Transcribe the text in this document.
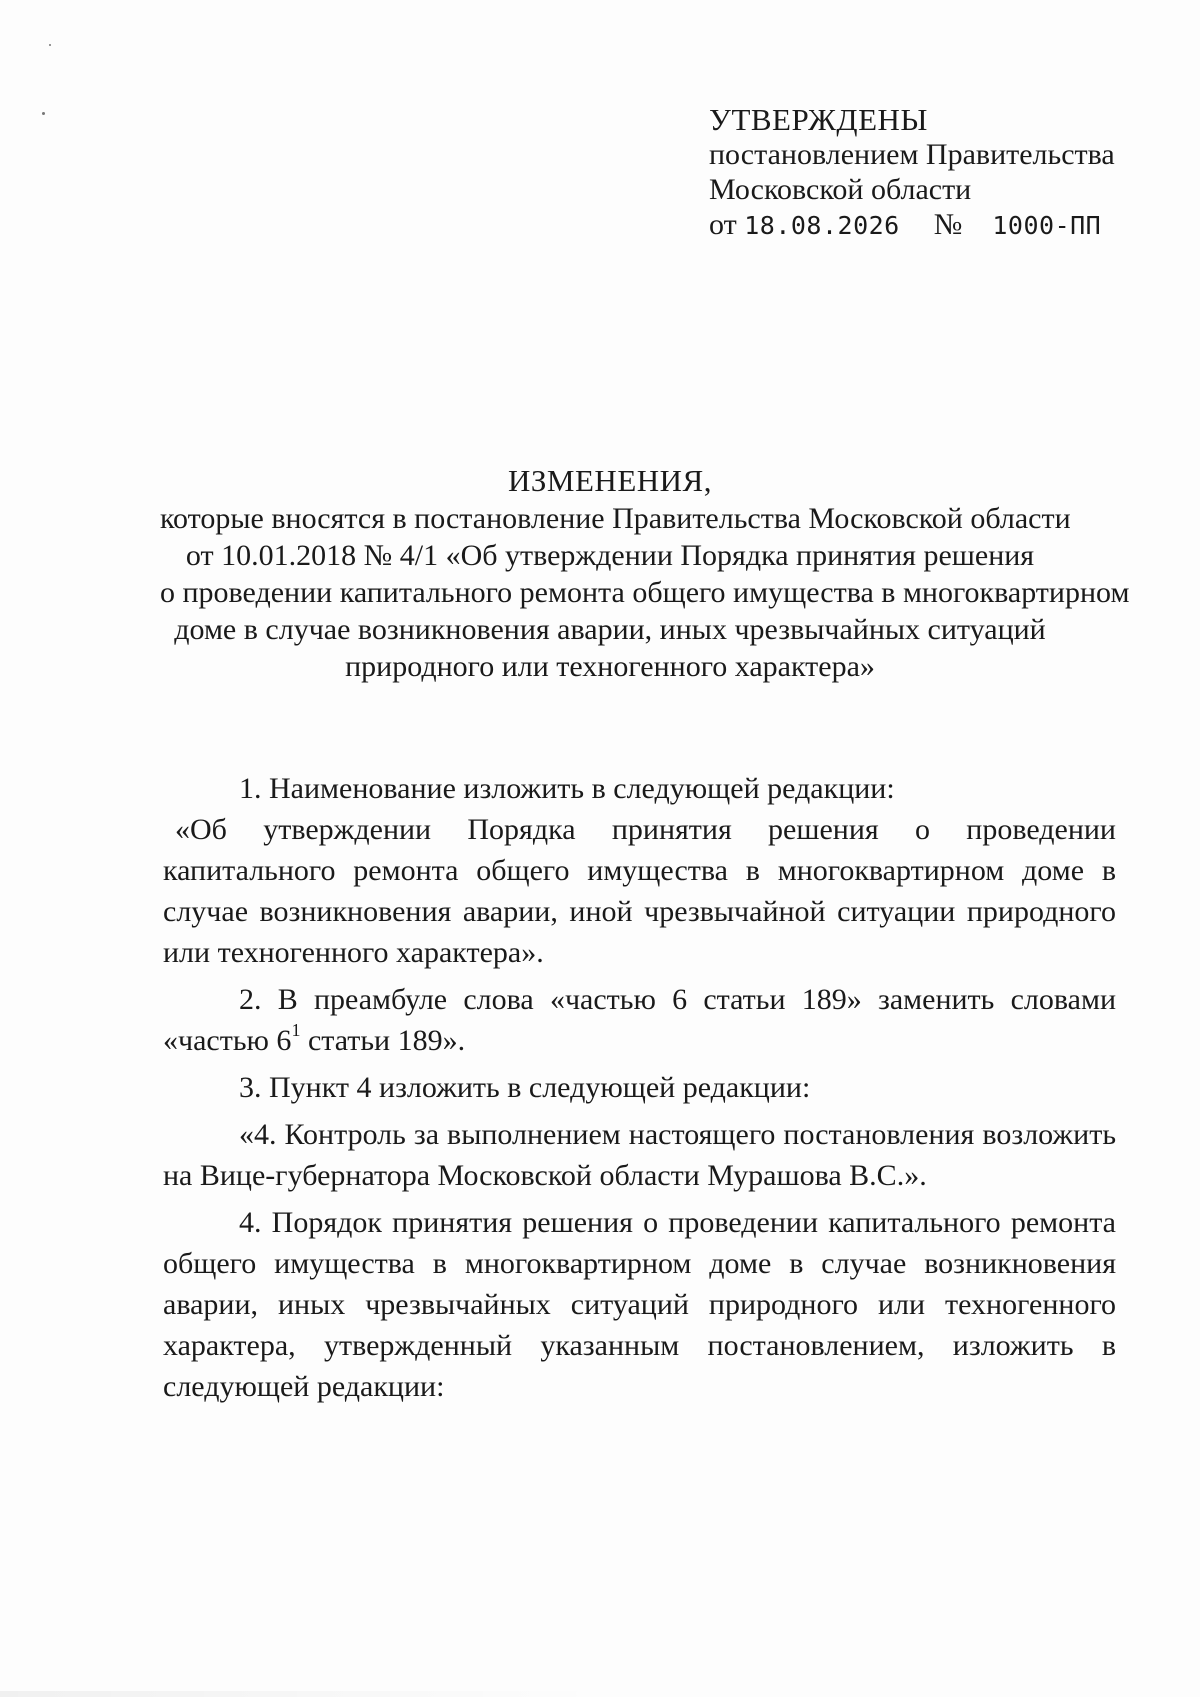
УТВЕРЖДЕНЫ
постановлением Правительства
Московской области
от 18.08.2026 № 1000-ПП
ИЗМЕНЕНИЯ,
которые вносятся в постановление Правительства Московской области
от 10.01.2018 № 4/1 «Об утверждении Порядка принятия решения
о проведении капитального ремонта общего имущества в многоквартирном
доме в случае возникновения аварии, иных чрезвычайных ситуаций
природного или техногенного характера»

1. Наименование изложить в следующей редакции:

«Об утверждении Порядка принятия решения о проведении капитального ремонта общего имущества в многоквартирном доме в случае возникновения аварии, иной чрезвычайной ситуации природного или техногенного характера».

2. В преамбуле слова «частью 6 статьи 189» заменить словами «частью $6^1$ статьи 189».

3. Пункт 4 изложить в следующей редакции:

«4. Контроль за выполнением настоящего постановления возложить на Вице-губернатора Московской области Мурашова В.С.».

4. Порядок принятия решения о проведении капитального ремонта общего имущества в многоквартирном доме в случае возникновения аварии, иных чрезвычайных ситуаций природного или техногенного характера, утвержденный указанным постановлением, изложить в следующей редакции:
